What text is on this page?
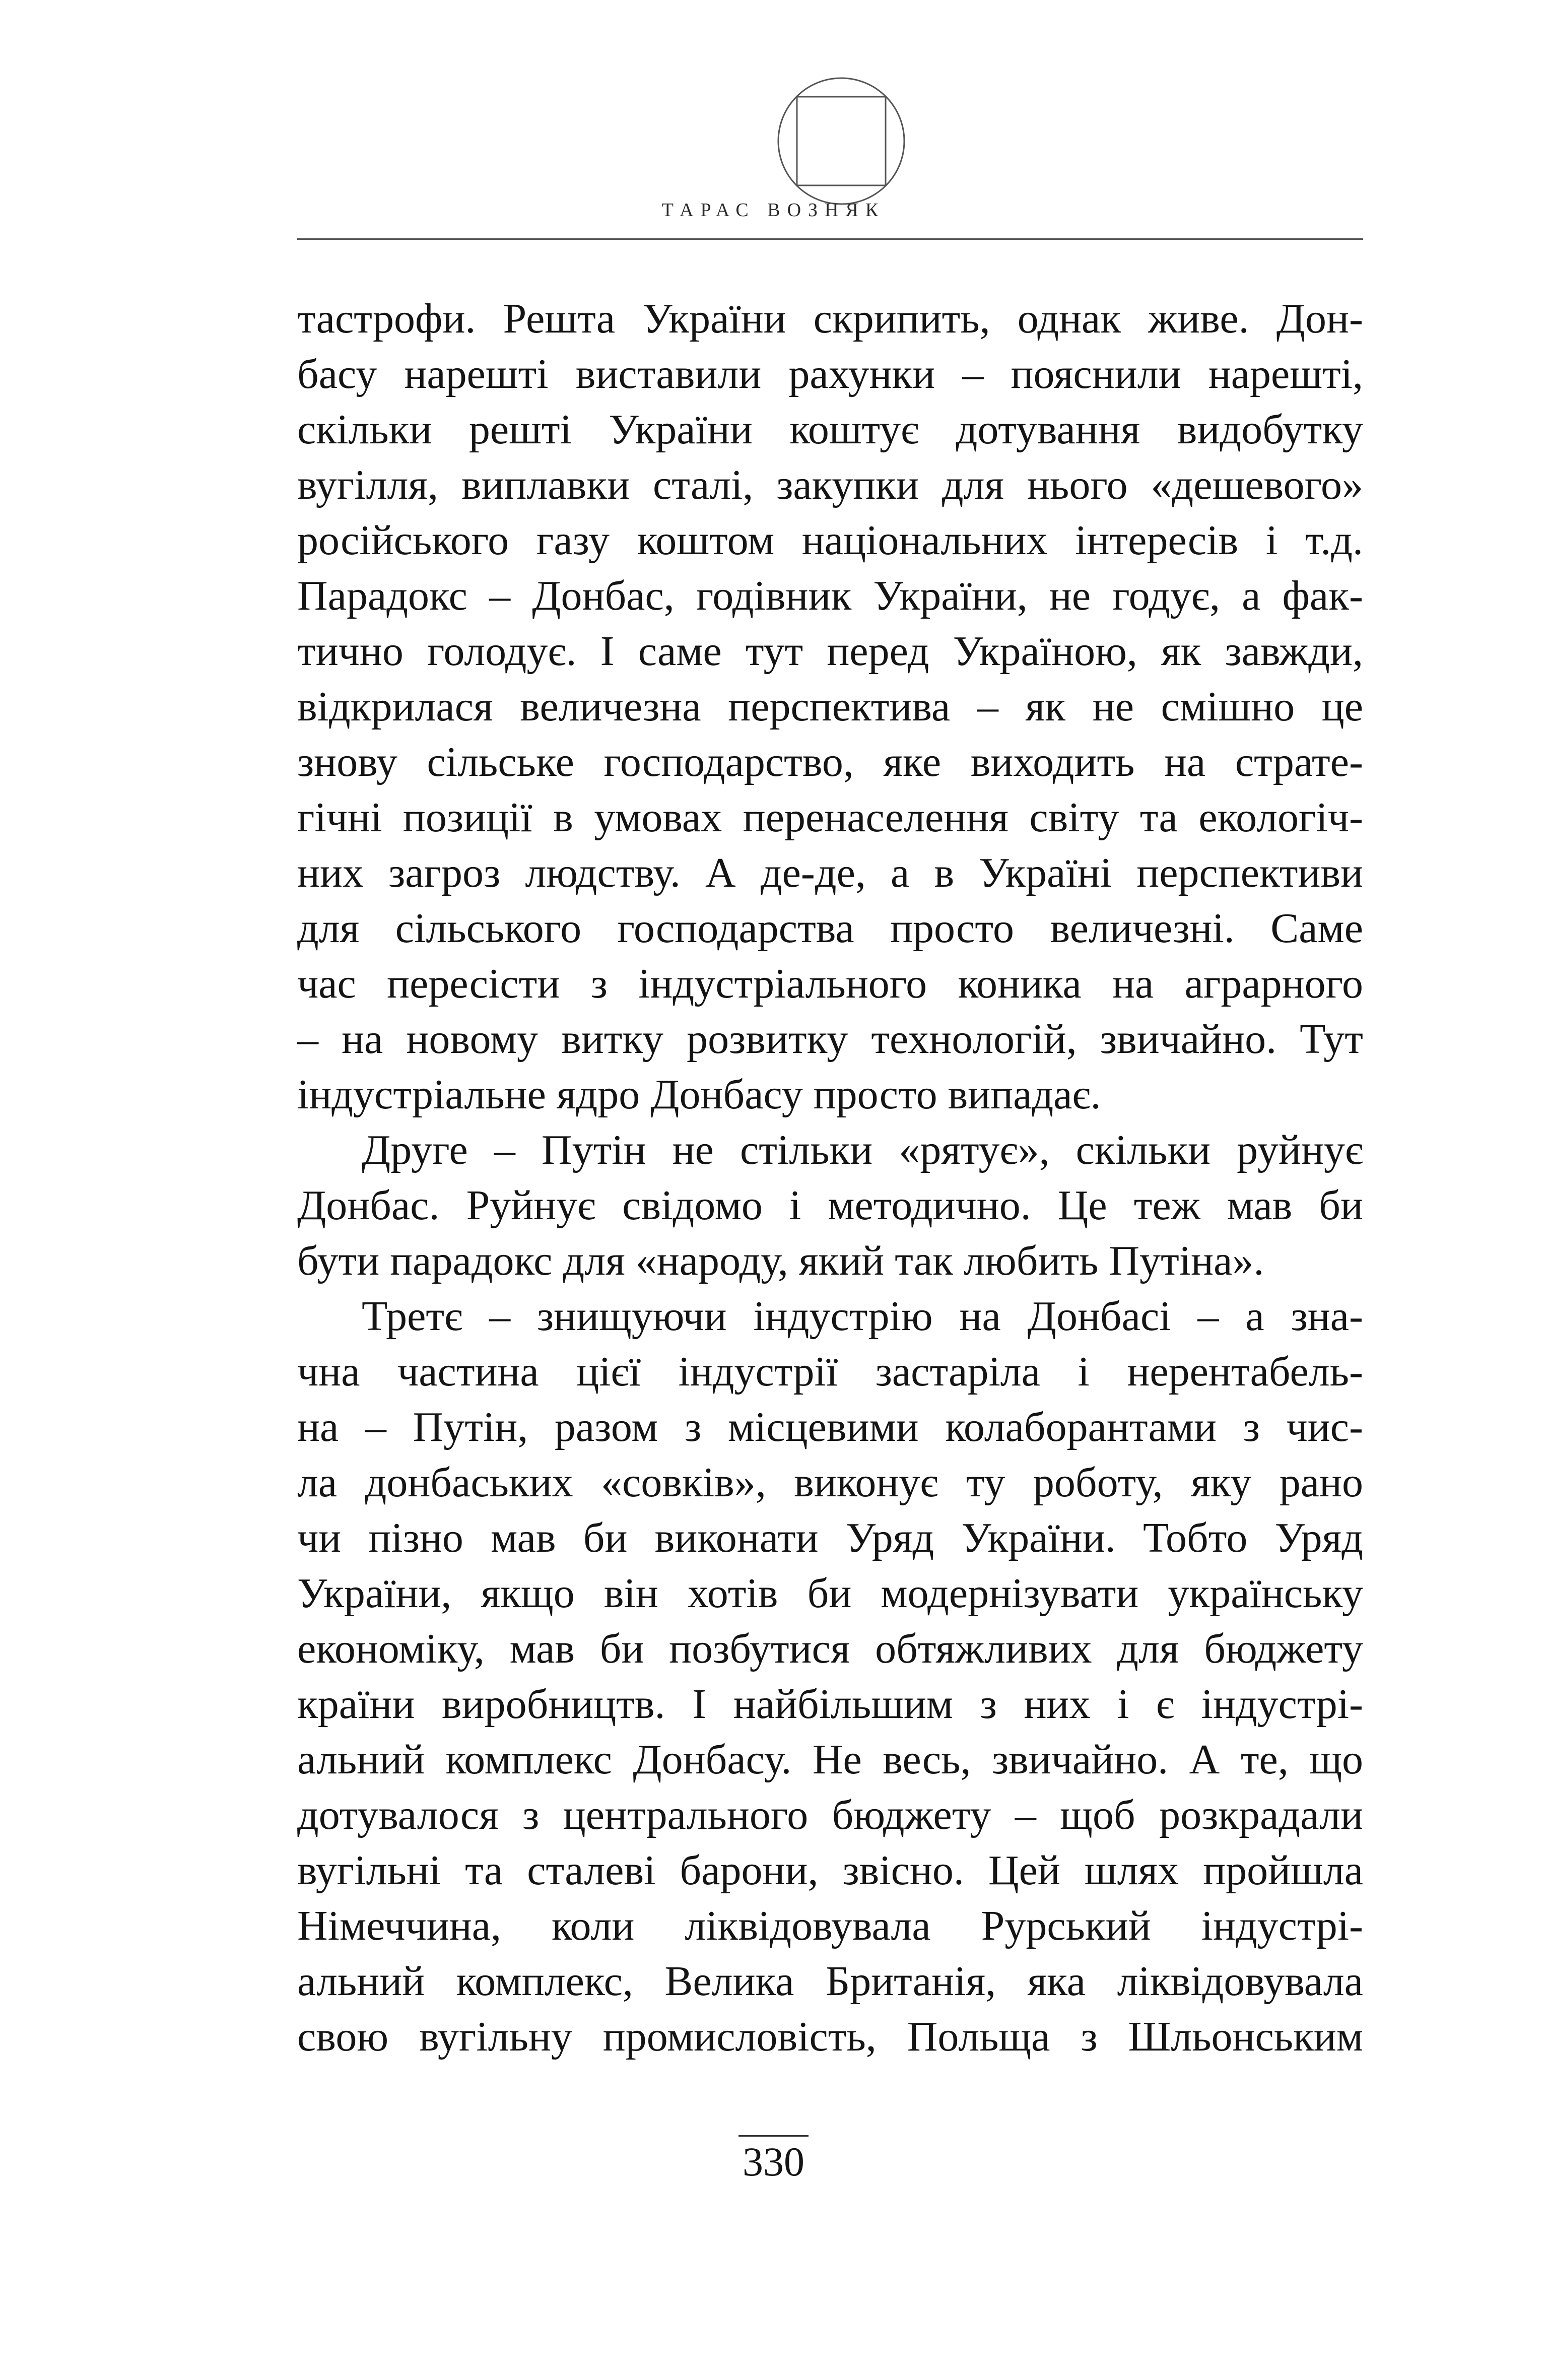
ТАРАС ВОЗНЯК
тастрофи. Решта України скрипить, однак живе. Дон-
басу нарешті виставили рахунки – пояснили нарешті,
скільки решті України коштує дотування видобутку
вугілля, виплавки сталі, закупки для нього «дешевого»
російського газу коштом національних інтересів і т.д.
Парадокс – Донбас, годівник України, не годує, а фак-
тично голодує. І саме тут перед Україною, як завжди,
відкрилася величезна перспектива – як не смішно це
знову сільське господарство, яке виходить на страте-
гічні позиції в умовах перенаселення світу та екологіч-
них загроз людству. А де-де, а в Україні перспективи
для сільського господарства просто величезні. Саме
час пересісти з індустріального коника на аграрного
– на новому витку розвитку технологій, звичайно. Тут
індустріальне ядро Донбасу просто випадає.
Друге – Путін не стільки «рятує», скільки руйнує
Донбас. Руйнує свідомо і методично. Це теж мав би
бути парадокс для «народу, який так любить Путіна».
Третє – знищуючи індустрію на Донбасі – а зна-
чна частина цієї індустрії застаріла і нерентабель-
на – Путін, разом з місцевими колаборантами з чис-
ла донбаських «совків», виконує ту роботу, яку рано
чи пізно мав би виконати Уряд України. Тобто Уряд
України, якщо він хотів би модернізувати українську
економіку, мав би позбутися обтяжливих для бюджету
країни виробництв. І найбільшим з них і є індустрі-
альний комплекс Донбасу. Не весь, звичайно. А те, що
дотувалося з центрального бюджету – щоб розкрадали
вугільні та сталеві барони, звісно. Цей шлях пройшла
Німеччина, коли ліквідовувала Рурський індустрі-
альний комплекс, Велика Британія, яка ліквідовувала
свою вугільну промисловість, Польща з Шльонським
330
